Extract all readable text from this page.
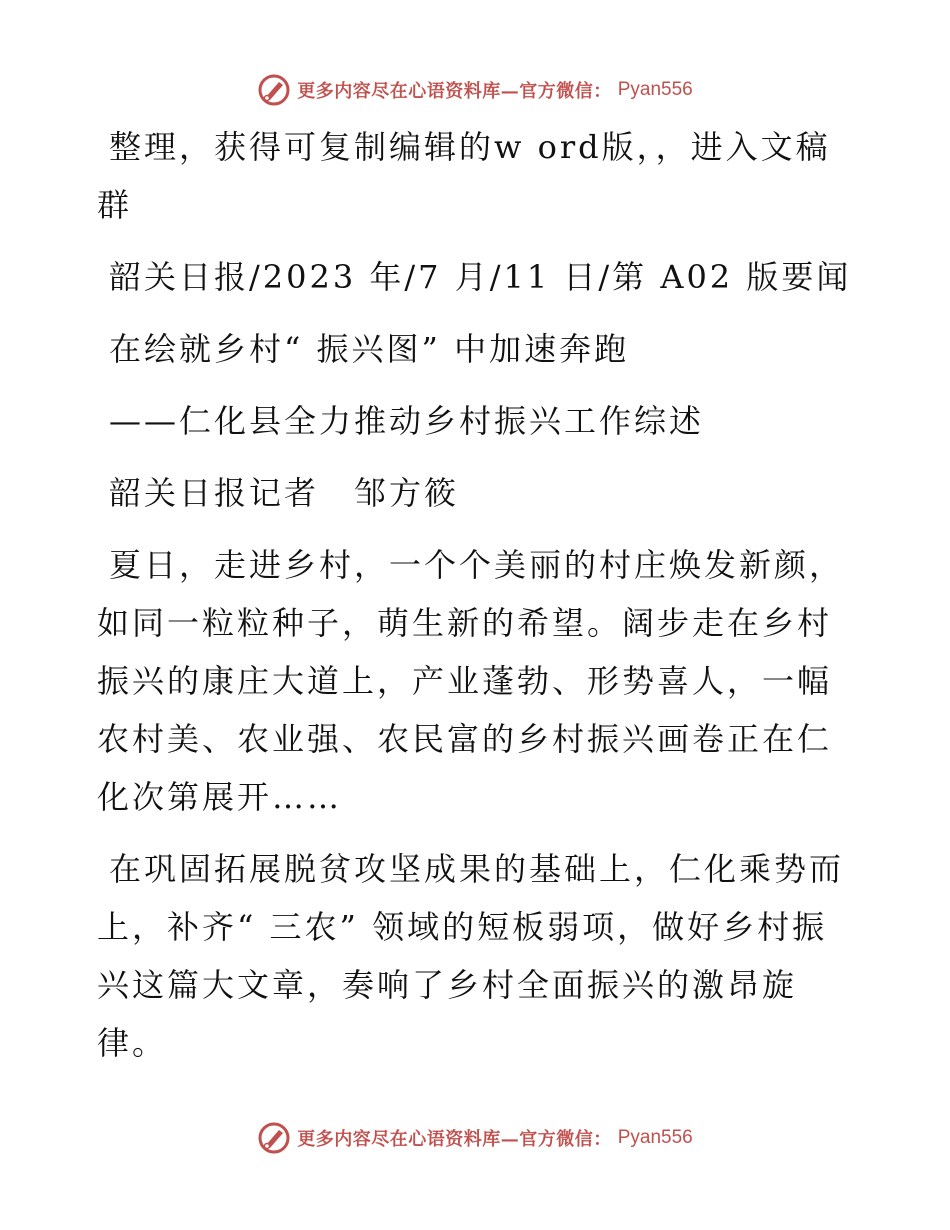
更多内容尽在心语资料库—官方微信： Pyan556

整理，获得可复制编辑的w ord版，，进入文稿群

韶关日报/2023 年/7 月/11 日/第 A02 版要闻

在绘就乡村“ 振兴图” 中加速奔跑

——仁化县全力推动乡村振兴工作综述

韶关日报记者　邹方筱

夏日，走进乡村，一个个美丽的村庄焕发新颜，如同一粒粒种子，萌生新的希望。阔步走在乡村振兴的康庄大道上，产业蓬勃、形势喜人，一幅农村美、农业强、农民富的乡村振兴画卷正在仁化次第展开……

在巩固拓展脱贫攻坚成果的基础上，仁化乘势而上，补齐“ 三农” 领域的短板弱项，做好乡村振兴这篇大文章，奏响了乡村全面振兴的激昂旋律。

更多内容尽在心语资料库—官方微信： Pyan556
